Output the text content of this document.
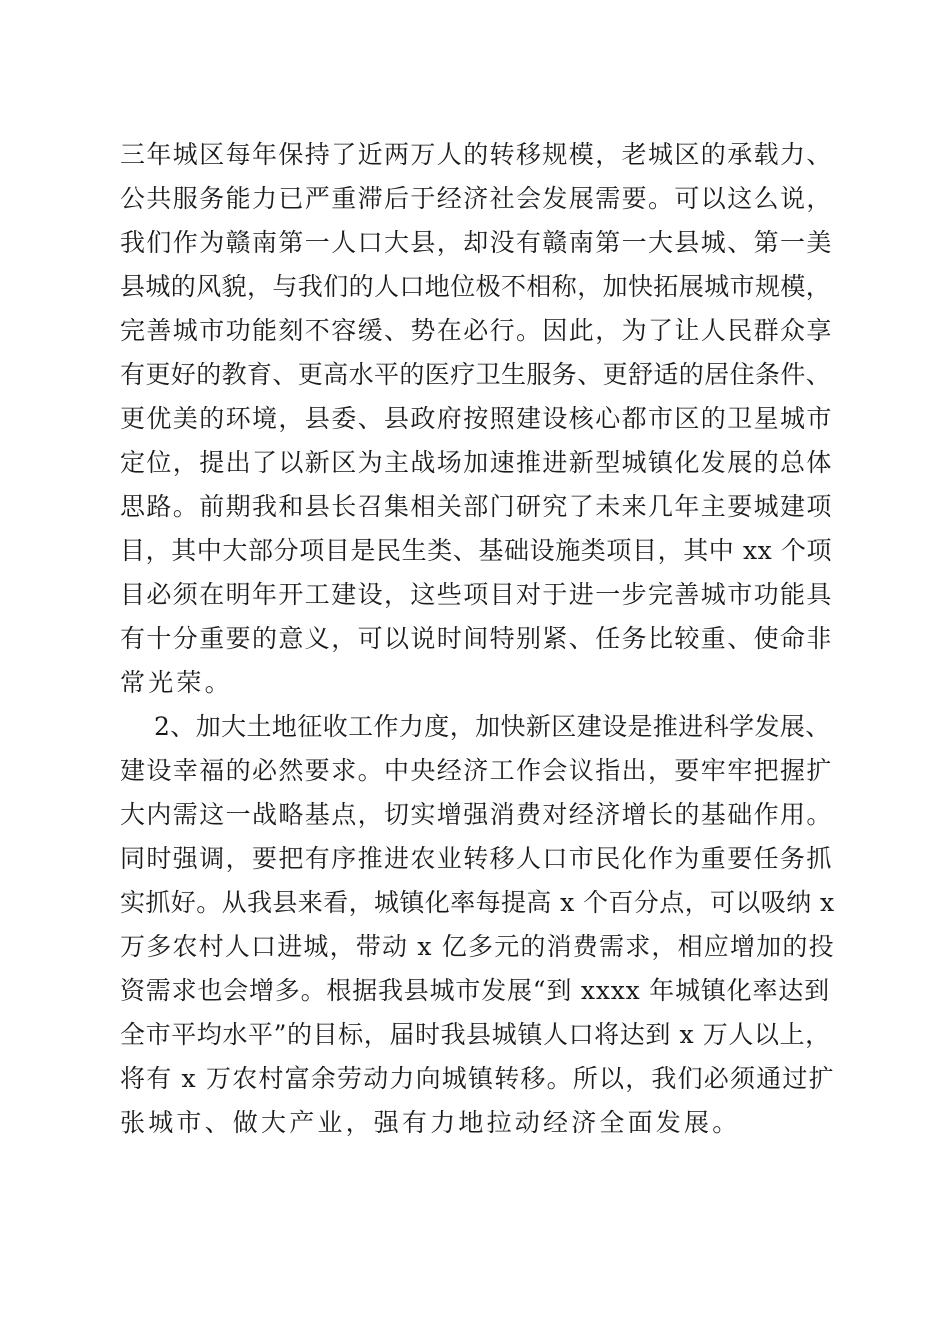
三年城区每年保持了近两万人的转移规模，老城区的承载力、
公共服务能力已严重滞后于经济社会发展需要。可以这么说，
我们作为赣南第一人口大县，却没有赣南第一大县城、第一美
县城的风貌，与我们的人口地位极不相称，加快拓展城市规模，
完善城市功能刻不容缓、势在必行。因此，为了让人民群众享
有更好的教育、更高水平的医疗卫生服务、更舒适的居住条件、
更优美的环境，县委、县政府按照建设核心都市区的卫星城市
定位，提出了以新区为主战场加速推进新型城镇化发展的总体
思路。前期我和县长召集相关部门研究了未来几年主要城建项
目，其中大部分项目是民生类、基础设施类项目，其中 xx 个项
目必须在明年开工建设，这些项目对于进一步完善城市功能具
有十分重要的意义，可以说时间特别紧、任务比较重、使命非
常光荣。
2、加大土地征收工作力度，加快新区建设是推进科学发展、
建设幸福的必然要求。中央经济工作会议指出，要牢牢把握扩
大内需这一战略基点，切实增强消费对经济增长的基础作用。
同时强调，要把有序推进农业转移人口市民化作为重要任务抓
实抓好。从我县来看，城镇化率每提高 x 个百分点，可以吸纳 x
万多农村人口进城，带动 x 亿多元的消费需求，相应增加的投
资需求也会增多。根据我县城市发展“到 xxxx 年城镇化率达到
全市平均水平”的目标，届时我县城镇人口将达到 x 万人以上，
将有 x 万农村富余劳动力向城镇转移。所以，我们必须通过扩
张城市、做大产业，强有力地拉动经济全面发展。
